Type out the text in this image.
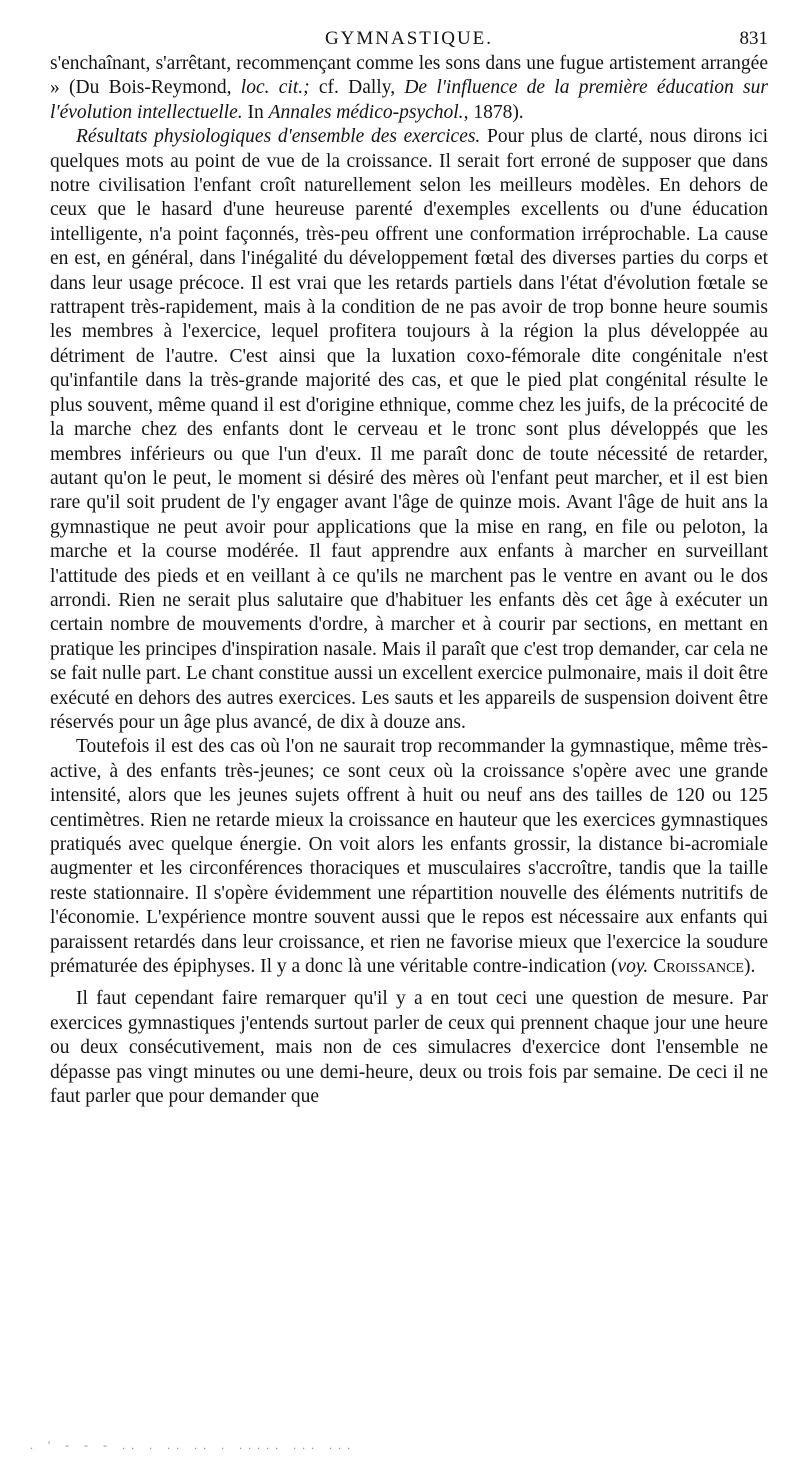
GYMNASTIQUE.	831

s'enchaînant, s'arrêtant, recommençant comme les sons dans une fugue artistement arrangée » (Du Bois-Reymond, loc. cit.; cf. Dally, De l'influence de la première éducation sur l'évolution intellectuelle. In Annales médico-psychol., 1878).

Résultats physiologiques d'ensemble des exercices. Pour plus de clarté, nous dirons ici quelques mots au point de vue de la croissance. Il serait fort erroné de supposer que dans notre civilisation l'enfant croît naturellement selon les meilleurs modèles. En dehors de ceux que le hasard d'une heureuse parenté d'exemples excellents ou d'une éducation intelligente, n'a point façonnés, très-peu offrent une conformation irréprochable. La cause en est, en général, dans l'inégalité du développement fœtal des diverses parties du corps et dans leur usage précoce. Il est vrai que les retards partiels dans l'état d'évolution fœtale se rattrapent très-rapidement, mais à la condition de ne pas avoir de trop bonne heure soumis les membres à l'exercice, lequel profitera toujours à la région la plus développée au détriment de l'autre. C'est ainsi que la luxation coxo-fémorale dite congénitale n'est qu'infantile dans la très-grande majorité des cas, et que le pied plat congénital résulte le plus souvent, même quand il est d'origine ethnique, comme chez les juifs, de la précocité de la marche chez des enfants dont le cerveau et le tronc sont plus développés que les membres inférieurs ou que l'un d'eux. Il me paraît donc de toute nécessité de retarder, autant qu'on le peut, le moment si désiré des mères où l'enfant peut marcher, et il est bien rare qu'il soit prudent de l'y engager avant l'âge de quinze mois. Avant l'âge de huit ans la gymnastique ne peut avoir pour applications que la mise en rang, en file ou peloton, la marche et la course modérée. Il faut apprendre aux enfants à marcher en surveillant l'attitude des pieds et en veillant à ce qu'ils ne marchent pas le ventre en avant ou le dos arrondi. Rien ne serait plus salutaire que d'habituer les enfants dès cet âge à exécuter un certain nombre de mouvements d'ordre, à marcher et à courir par sections, en mettant en pratique les principes d'inspiration nasale. Mais il paraît que c'est trop demander, car cela ne se fait nulle part. Le chant constitue aussi un excellent exercice pulmonaire, mais il doit être exécuté en dehors des autres exercices. Les sauts et les appareils de suspension doivent être réservés pour un âge plus avancé, de dix à douze ans.

Toutefois il est des cas où l'on ne saurait trop recommander la gymnastique, même très-active, à des enfants très-jeunes; ce sont ceux où la croissance s'opère avec une grande intensité, alors que les jeunes sujets offrent à huit ou neuf ans des tailles de 120 ou 125 centimètres. Rien ne retarde mieux la croissance en hauteur que les exercices gymnastiques pratiqués avec quelque énergie. On voit alors les enfants grossir, la distance bi-acromiale augmenter et les circonférences thoraciques et musculaires s'accroître, tandis que la taille reste stationnaire. Il s'opère évidemment une répartition nouvelle des éléments nutritifs de l'économie. L'expérience montre souvent aussi que le repos est nécessaire aux enfants qui paraissent retardés dans leur croissance, et rien ne favorise mieux que l'exercice la soudure prématurée des épiphyses. Il y a donc là une véritable contre-indication (voy. Croissance).

Il faut cependant faire remarquer qu'il y a en tout ceci une question de mesure. Par exercices gymnastiques j'entends surtout parler de ceux qui prennent chaque jour une heure ou deux consécutivement, mais non de ces simulacres d'exercice dont l'ensemble ne dépasse pas vingt minutes ou une demi-heure, deux ou trois fois par semaine. De ceci il ne faut parler que pour demander que

. ' - - - .. . .. .. . ..... ... ...
